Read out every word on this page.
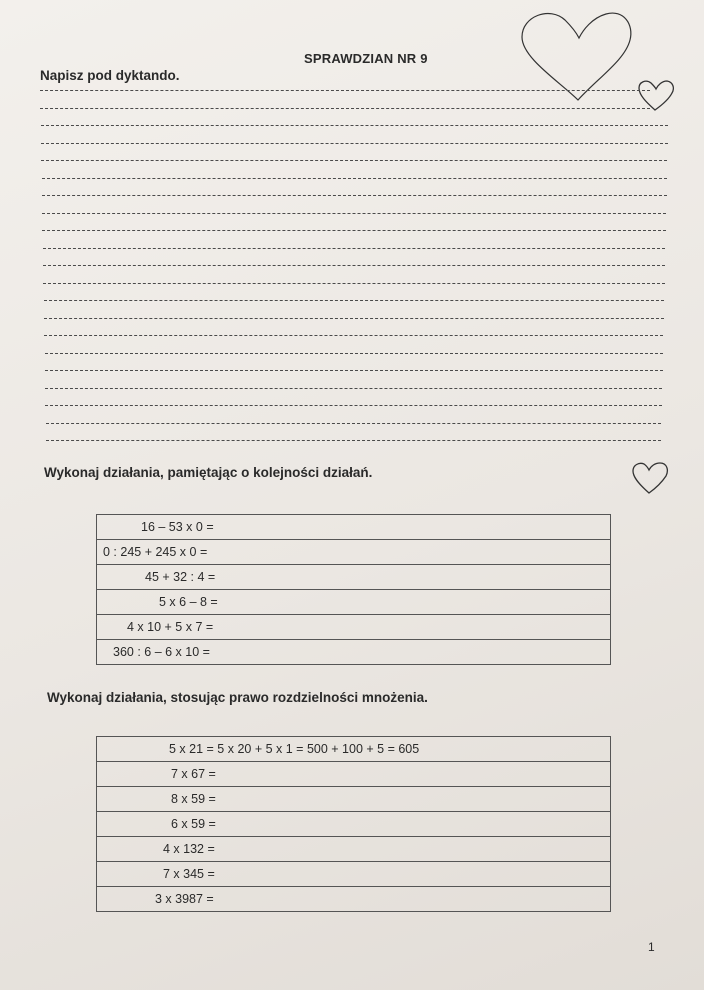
SPRAWDZIAN NR 9
Napisz pod dyktando.
Wykonaj działania, pamiętając o kolejności działań.
16 – 53 x 0 =
0 : 245 + 245 x 0 =
45 + 32 : 4 =
5 x 6 – 8 =
4 x 10 + 5 x 7 =
360 : 6 – 6 x 10 =
Wykonaj działania, stosując prawo rozdzielności mnożenia.
5 x 21 = 5 x 20 + 5 x 1 = 500 + 100 + 5 = 605
7 x 67 =
8 x 59 =
6 x 59 =
4 x 132 =
7 x 345 =
3 x 3987 =
1
